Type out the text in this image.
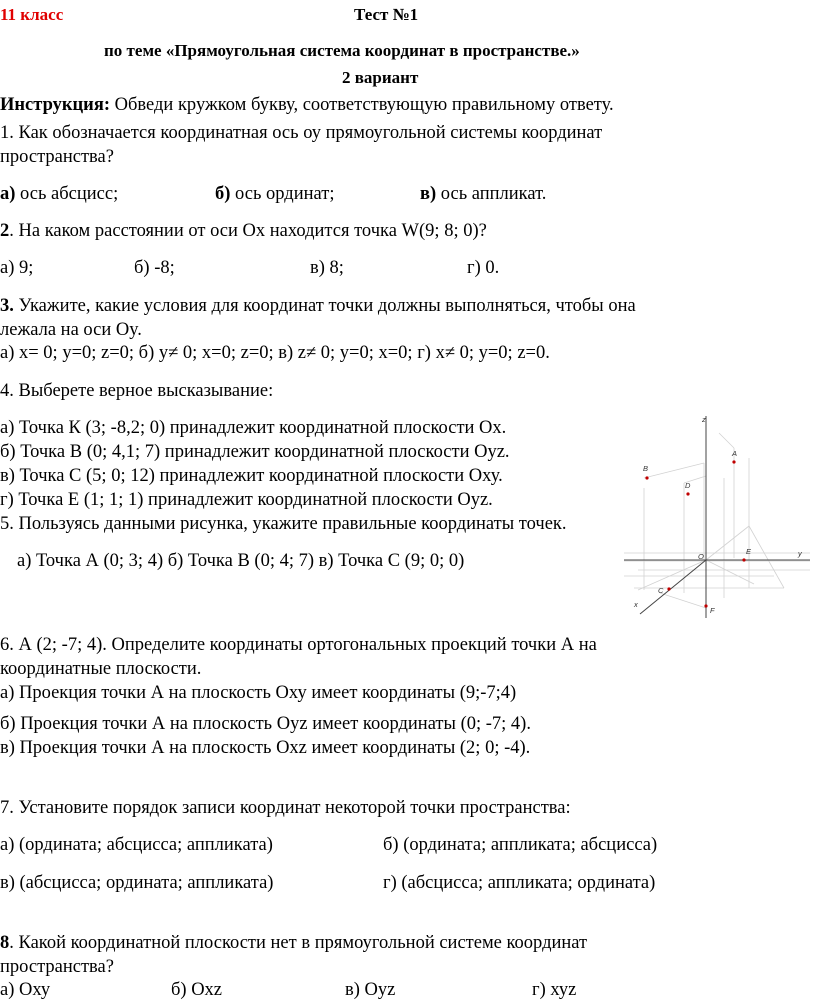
11 класс	Тест №1
по теме «Прямоугольная система координат в пространстве.»
2 вариант
Инструкция: Обведи кружком букву, соответствующую правильному ответу.
1. Как обозначается координатная ось оу прямоугольной системы координат
пространства?
а) ось абсцисс;	б) ось ординат;	в) ось аппликат.
2. На каком расстоянии от оси Ох находится точка W(9; 8; 0)?
а) 9;	б) -8;	в) 8;	г) 0.
3. Укажите, какие условия для координат точки должны выполняться, чтобы она
лежала на оси Оy.
а) x= 0; y=0; z=0; б) y≠ 0; x=0; z=0; в) z≠ 0; y=0; x=0; г) x≠ 0; y=0; z=0.
4. Выберете верное высказывание:
а) Точка К (3; -8,2; 0) принадлежит координатной плоскости Ох.
б) Точка В (0; 4,1; 7) принадлежит координатной плоскости Оуz.
в) Точка С (5; 0; 12) принадлежит координатной плоскости Оху.
г) Точка Е (1; 1; 1) принадлежит координатной плоскости Оуz.
5. Пользуясь данными рисунка, укажите правильные координаты точек.
а) Точка А (0; 3; 4) б) Точка В (0; 4; 7) в) Точка С (9; 0; 0)
z
y
x
O
A
B
D
E
C
F
6. А (2; -7; 4). Определите координаты ортогональных проекций точки А на
координатные плоскости.
а) Проекция точки А на плоскость Оху имеет координаты (9;-7;4)
б) Проекция точки А на плоскость Оуz имеет координаты (0; -7; 4).
в) Проекция точки А на плоскость Охz имеет координаты (2; 0; -4).
7. Установите порядок записи координат некоторой точки пространства:
а) (ордината; абсцисса; аппликата)	б) (ордината; аппликата; абсцисса)
в) (абсцисса; ордината; аппликата)	г) (абсцисса; аппликата; ордината)
8. Какой координатной плоскости нет в прямоугольной системе координат
пространства?
а) Оху	б) Охz	в) Оуz	г) хуz
